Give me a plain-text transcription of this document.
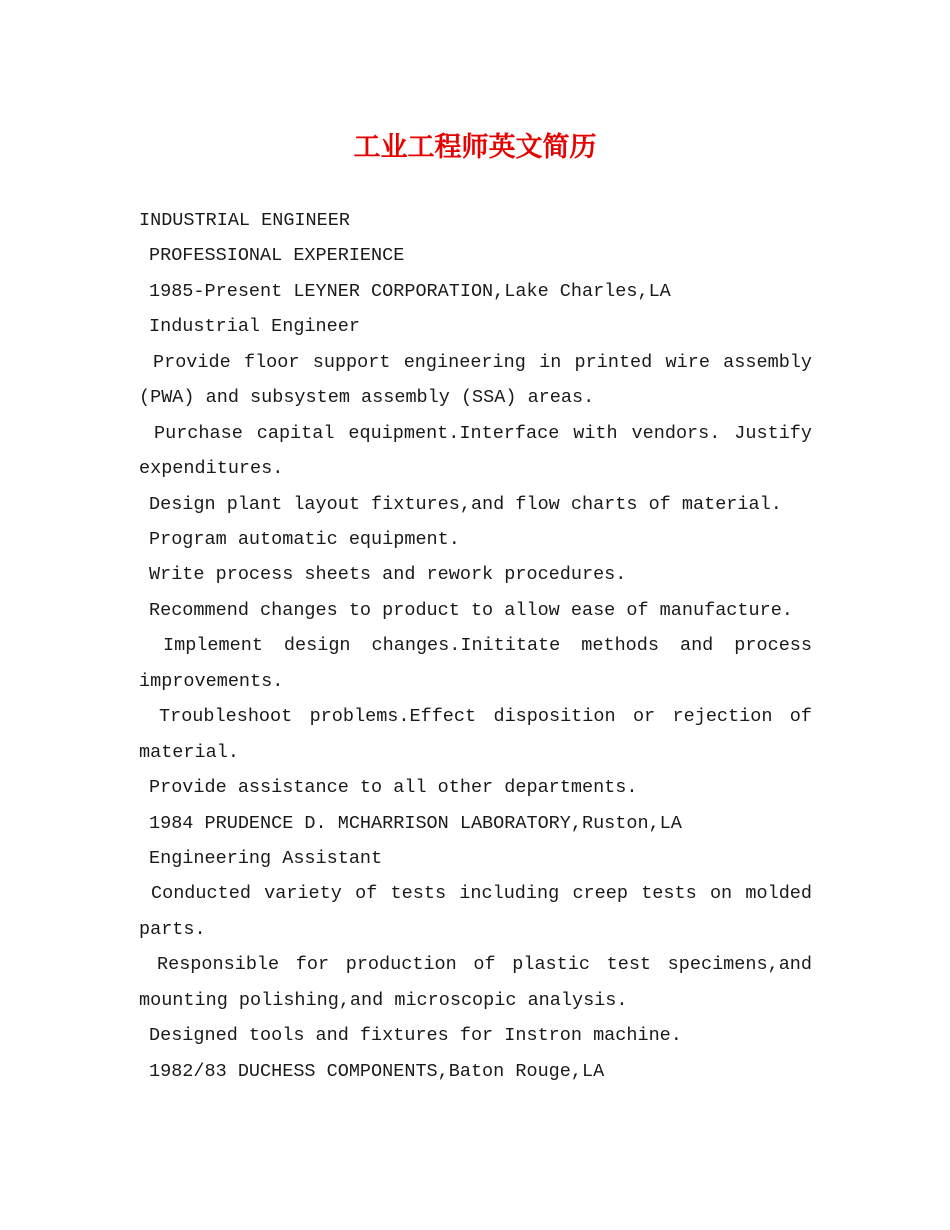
工业工程师英文简历
INDUSTRIAL ENGINEER
PROFESSIONAL EXPERIENCE
1985-Present LEYNER CORPORATION,Lake Charles,LA
Industrial Engineer
Provide floor support engineering in printed wire assembly (PWA) and subsystem assembly (SSA) areas.
Purchase capital equipment.Interface with vendors. Justify expenditures.
Design plant layout fixtures,and flow charts of material.
Program automatic equipment.
Write process sheets and rework procedures.
Recommend changes to product to allow ease of manufacture.
Implement design changes.Inititate methods and process improvements.
Troubleshoot problems.Effect disposition or rejection of material.
Provide assistance to all other departments.
1984 PRUDENCE D. MCHARRISON LABORATORY,Ruston,LA
Engineering Assistant
Conducted variety of tests including creep tests on molded parts.
Responsible for production of plastic test specimens,and mounting polishing,and microscopic analysis.
Designed tools and fixtures for Instron machine.
1982/83 DUCHESS COMPONENTS,Baton Rouge,LA
